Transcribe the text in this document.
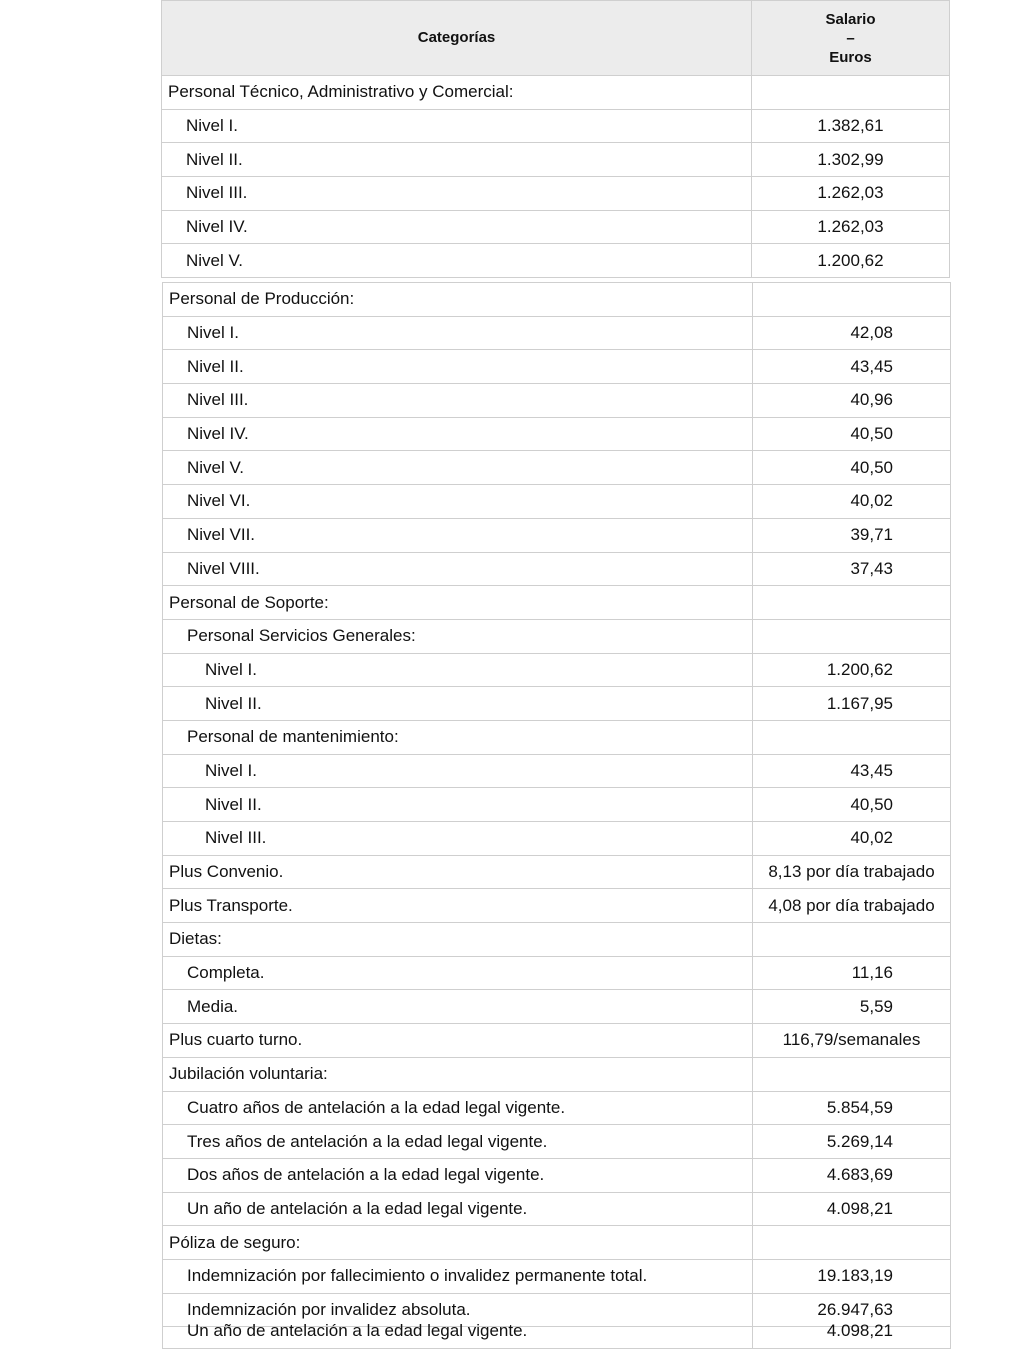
Categorías	Salario
–
Euros

Personal Técnico, Administrativo y Comercial:	
Nivel I.	1.382,61
Nivel II.	1.302,99
Nivel III.	1.262,03
Nivel IV.	1.262,03
Nivel V.	1.200,62
Personal de Producción:	
Nivel I.	42,08
Nivel II.	43,45
Nivel III.	40,96
Nivel IV.	40,50
Nivel V.	40,50
Nivel VI.	40,02
Nivel VII.	39,71
Nivel VIII.	37,43
Personal de Soporte:	
Personal Servicios Generales:	
Nivel I.	1.200,62
Nivel II.	1.167,95
Personal de mantenimiento:	
Nivel I.	43,45
Nivel II.	40,50
Nivel III.	40,02
Plus Convenio.	8,13 por día trabajado
Plus Transporte.	4,08 por día trabajado
Dietas:	
Completa.	11,16
Media.	5,59
Plus cuarto turno.	116,79/semanales
Jubilación voluntaria:	
Cuatro años de antelación a la edad legal vigente.	5.854,59
Tres años de antelación a la edad legal vigente.	5.269,14
Dos años de antelación a la edad legal vigente.	4.683,69
Un año de antelación a la edad legal vigente.	4.098,21
Póliza de seguro:	
Indemnización por fallecimiento o invalidez permanente total.	19.183,19
Indemnización por invalidez absoluta.	26.947,63
Un año de antelación a la edad legal vigente.	4.098,21
